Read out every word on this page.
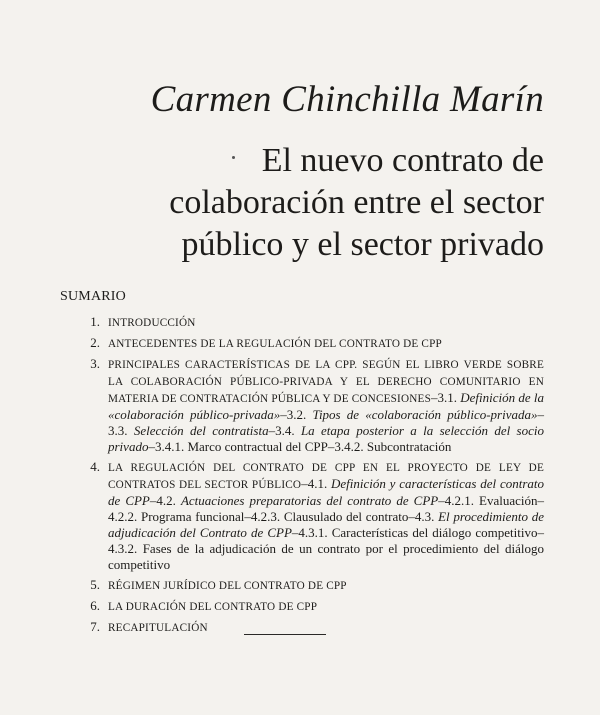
Carmen Chinchilla Marín
El nuevo contrato de
colaboración entre el sector
público y el sector privado
SUMARIO
1. INTRODUCCIÓN
2. ANTECEDENTES DE LA REGULACIÓN DEL CONTRATO DE CPP
3. PRINCIPALES CARACTERÍSTICAS DE LA CPP. SEGÚN EL LIBRO VERDE SOBRE LA COLABORACIÓN PÚBLICO-PRIVADA Y EL DERECHO COMUNITARIO EN MATERIA DE CONTRATACIÓN PÚBLICA Y DE CONCESIONES–3.1. Definición de la «colaboración público-privada»–3.2. Tipos de «colaboración público-privada»–3.3. Selección del contratista–3.4. La etapa posterior a la selección del socio privado–3.4.1. Marco contractual del CPP–3.4.2. Subcontratación
4. LA REGULACIÓN DEL CONTRATO DE CPP EN EL PROYECTO DE LEY DE CONTRATOS DEL SECTOR PÚBLICO–4.1. Definición y características del contrato de CPP–4.2. Actuaciones preparatorias del contrato de CPP–4.2.1. Evaluación–4.2.2. Programa funcional–4.2.3. Clausulado del contrato–4.3. El procedimiento de adjudicación del Contrato de CPP–4.3.1. Características del diálogo competitivo–4.3.2. Fases de la adjudicación de un contrato por el procedimiento del diálogo competitivo
5. RÉGIMEN JURÍDICO DEL CONTRATO DE CPP
6. LA DURACIÓN DEL CONTRATO DE CPP
7. RECAPITULACIÓN
